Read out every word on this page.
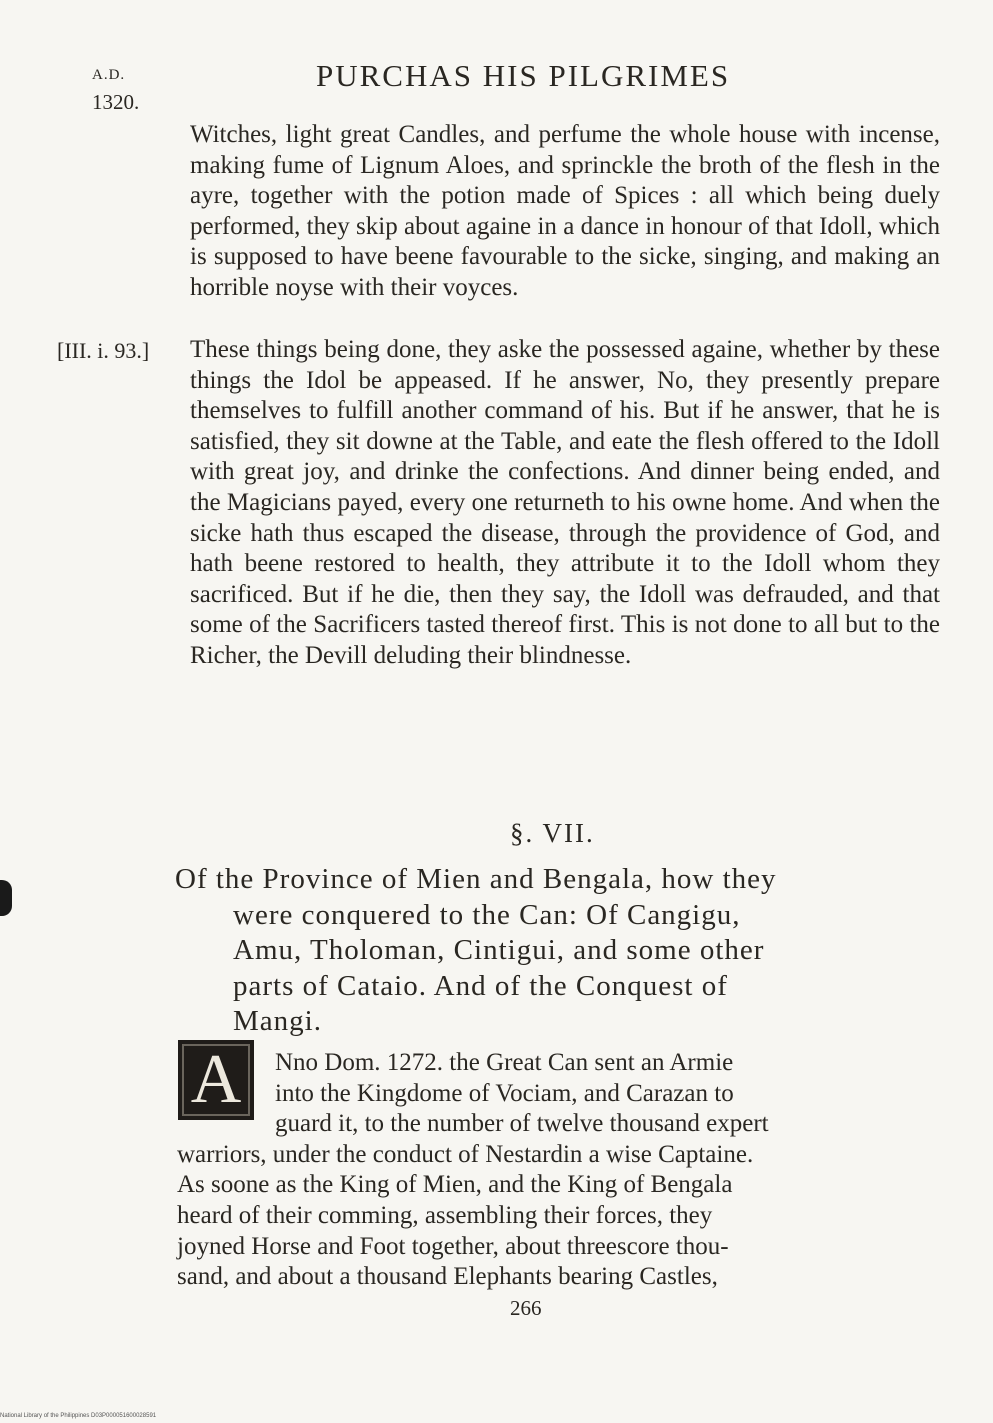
A.D.
1320.
PURCHAS HIS PILGRIMES

Witches, light great Candles, and perfume the whole house with incense, making fume of Lignum Aloes, and sprinckle the broth of the flesh in the ayre, together with the potion made of Spices : all which being duely performed, they skip about againe in a dance in honour of that Idoll, which is supposed to have beene favourable to the sicke, singing, and making an horrible noyse with their voyces.

[III. i. 93.] These things being done, they aske the possessed againe, whether by these things the Idol be appeased. If he answer, No, they presently prepare themselves to fulfill another command of his. But if he answer, that he is satisfied, they sit downe at the Table, and eate the flesh offered to the Idoll with great joy, and drinke the confections. And dinner being ended, and the Magicians payed, every one returneth to his owne home. And when the sicke hath thus escaped the disease, through the providence of God, and hath beene restored to health, they attribute it to the Idoll whom they sacrificed. But if he die, then they say, the Idoll was defrauded, and that some of the Sacrificers tasted thereof first. This is not done to all but to the Richer, the Devill deluding their blindnesse.

§. VII.
Of the Province of Mien and Bengala, how they
were conquered to the Can: Of Cangigu,
Amu, Tholoman, Cintigui, and some other
parts of Cataio. And of the Conquest of
Mangi.
A	Nno Dom. 1272. the Great Can sent an Armie
into the Kingdome of Vociam, and Carazan to
guard it, to the number of twelve thousand expert
warriors, under the conduct of Nestardin a wise Captaine.
As soone as the King of Mien, and the King of Bengala
heard of their comming, assembling their forces, they
joyned Horse and Foot together, about threescore thou-
sand, and about a thousand Elephants bearing Castles,
266
National Library of the Philippines D03P000051600028591
